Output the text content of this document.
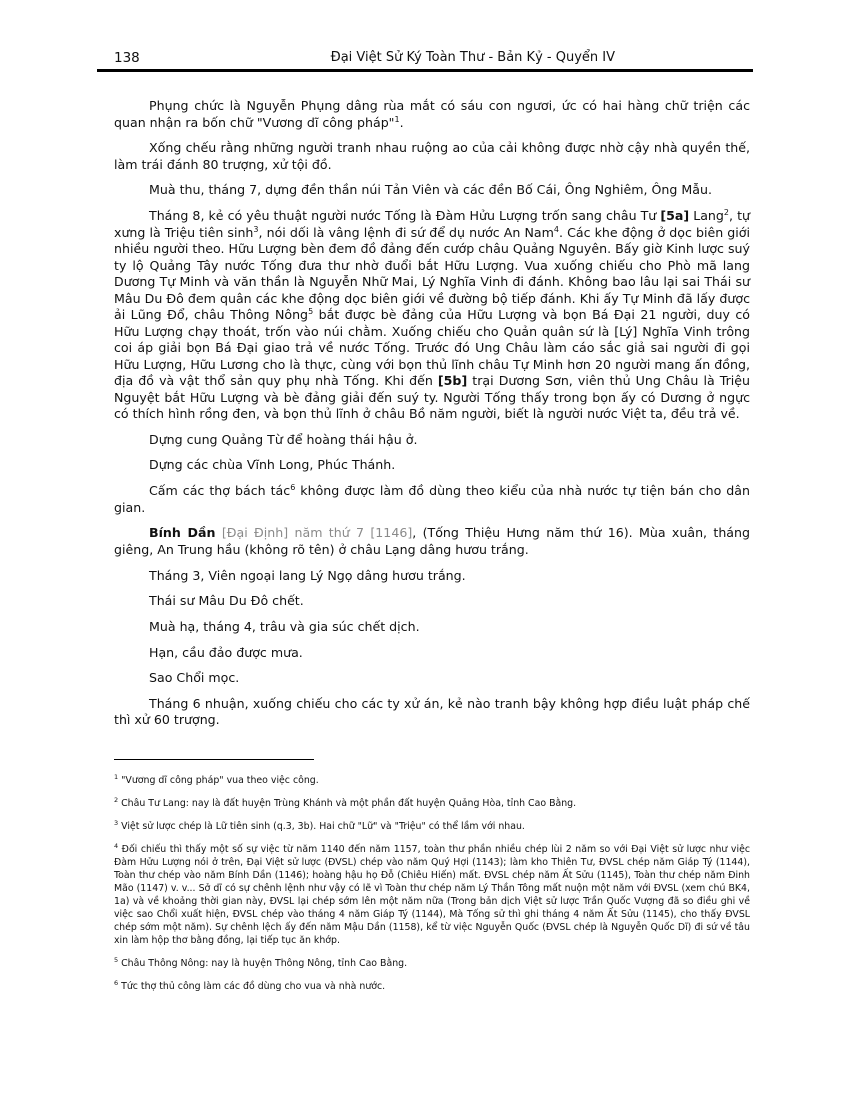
138	Đại Việt Sử Ký Toàn Thư - Bản Kỷ - Quyển IV

Phụng chức là Nguyễn Phụng dâng rùa mắt có sáu con ngươi, ức có hai hàng chữ triện các quan nhận ra bốn chữ "Vương dĩ công pháp"$^1$.

Xống chếu rằng những người tranh nhau ruộng ao của cải không được nhờ cậy nhà quyền thế, làm trái đánh 80 trượng, xử tội đồ.

Muà thu, tháng 7, dựng đền thần núi Tản Viên và các đền Bố Cái, Ông Nghiêm, Ông Mẫu.

Tháng 8, kẻ có yêu thuật người nước Tống là Đàm Hửu Lượng trốn sang châu Tư [5a] Lang$^2$, tự xưng là Triệu tiên $\sinh^3$, nói dối là vâng lệnh đi sứ để dụ nước An Nam$^4$. Các khe động ở dọc biên giới nhiều người theo. Hữu Lượng bèn đem đồ đảng đến cướp châu Quảng Nguyên. Bấy giờ Kinh lược suý ty lộ Quảng Tây nước Tống đưa thư nhờ đuổi bắt Hữu Lượng. Vua xuống chiếu cho Phò mã lang Dương Tự Minh và văn thần là Nguyễn Nhữ Mai, Lý Nghĩa Vinh đi đánh. Không bao lâu lại sai Thái sư Mâu Du Đô đem quân các khe động dọc biên giới về đường bộ tiếp đánh. Khi ấy Tự Minh đã lấy được ải Lũng Đổ, châu Thông Nông$^5$ bắt được bè đảng của Hữu Lượng và bọn Bá Đại 21 người, duy có Hữu Lượng chạy thoát, trốn vào núi chằm. Xuống chiếu cho Quản quân sứ là [Lý] Nghĩa Vinh trông coi áp giải bọn Bá Đại giao trả về nước Tống. Trước đó Ung Châu làm cáo sắc giả sai người đi gọi Hữu Lượng, Hữu Lương cho là thực, cùng với bọn thủ lĩnh châu Tự Minh hơn 20 người mang ấn đồng, địa đồ và vật thổ sản quy phụ nhà Tống. Khi đến [5b] trại Dương Sơn, viên thủ Ung Châu là Triệu Nguyệt bắt Hữu Lượng và bè đảng giải đến suý ty. Người Tống thấy trong bọn ấy có Dương ở ngực có thích hình rồng đen, và bọn thủ lĩnh ở châu Bồ năm người, biết là người nước Việt ta, đều trả về.

Dựng cung Quảng Từ để hoàng thái hậu ở.

Dựng các chùa Vĩnh Long, Phúc Thánh.

Cấm các thợ bách tác$^6$ không được làm đồ dùng theo kiểu của nhà nước tự tiện bán cho dân gian.

Bính Dần [Đại Định] năm thứ 7 [1146], (Tống Thiệu Hưng năm thứ 16). Mùa xuân, tháng giêng, An Trung hầu (không rõ tên) ở châu Lạng dâng hươu trắng.

Tháng 3, Viên ngoại lang Lý Ngọ dâng hươu trắng.

Thái sư Mâu Du Đô chết.

Muà hạ, tháng 4, trâu và gia súc chết dịch.

Hạn, cầu đảo được mưa.

Sao Chổi mọc.

Tháng 6 nhuận, xuống chiếu cho các ty xử án, kẻ nào tranh bậy không hợp điều luật pháp chế thì xử 60 trượng.

$^1$ "Vương dĩ công pháp" vua theo việc công.
$^2$ Châu Tư Lang: nay là đất huyện Trùng Khánh và một phần đất huyện Quảng Hòa, tỉnh Cao Bằng.
$^3$ Việt sử lược chép là Lữ tiên sinh (q.3, 3b). Hai chữ "Lữ" và "Triệu" có thể lầm với nhau.
$^4$ Đối chiếu thì thấy một số sự việc từ năm 1140 đến năm 1157, toàn thư phần nhiều chép lùi 2 năm so với Đại Việt sử lược như việc Đàm Hửu Lượng nói ở trên, Đại Việt sử lược (ĐVSL) chép vào năm Quý Hợi (1143); làm kho Thiên Tư, ĐVSL chép năm Giáp Tý (1144), Toàn thư chép vào năm Bính Dần (1146); hoàng hậu họ Đỗ (Chiêu Hiến) mất. ĐVSL chép năm Ất Sửu (1145), Toàn thư chép năm Đinh Mão (1147) v. v... Sở dĩ có sự chênh lệnh như vậy có lẽ vì Toàn thư chép năm Lý Thần Tông mất nuộn một năm với ĐVSL (xem chú BK4, 1a) và về khoảng thời gian này, ĐVSL lại chép sớm lên một năm nữa (Trong bản dịch Việt sử lược Trần Quốc Vượng đã so điều ghi về việc sao Chổi xuất hiện, ĐVSL chép vào tháng 4 năm Giáp Tý (1144), Mà Tống sử thì ghi tháng 4 năm Ất Sửu (1145), cho thấy ĐVSL chép sớm một năm). Sự chênh lệch ấy đến năm Mậu Dần (1158), kể từ việc Nguyễn Quốc (ĐVSL chép là Nguyễn Quốc Dĩ) đi sứ về tâu xin làm hộp thơ bằng đồng, lại tiếp tục ăn khớp.
$^5$ Châu Thông Nông: nay là huyện Thông Nông, tỉnh Cao Bằng.
$^6$ Tức thợ thủ công làm các đồ dùng cho vua và nhà nước.
